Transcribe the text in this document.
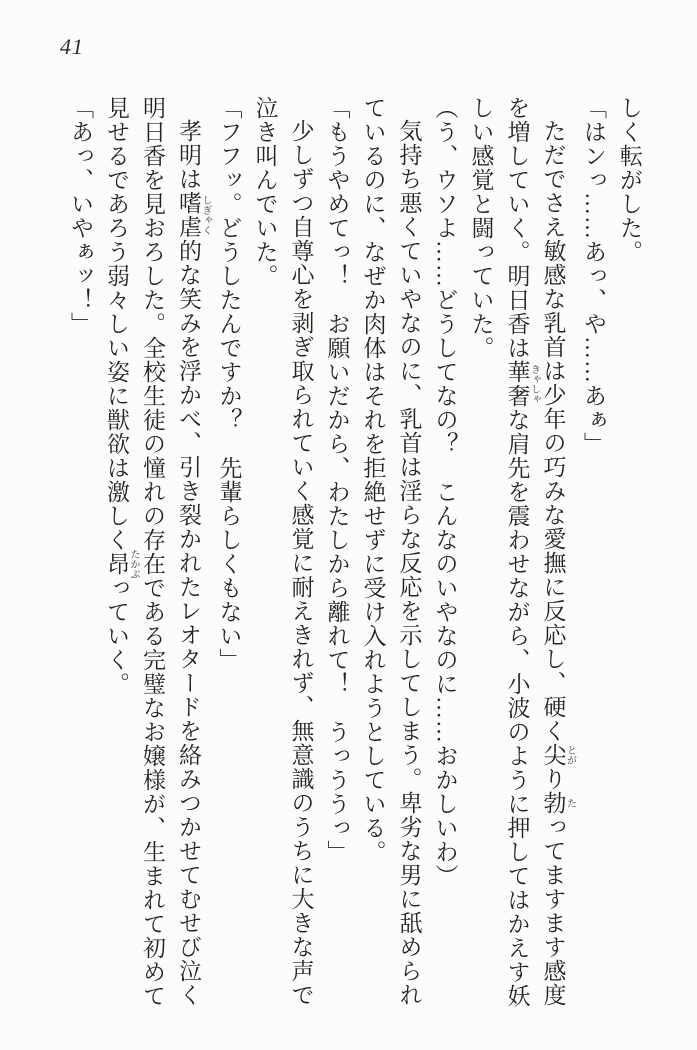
41

しく転がした。

「はンっ……あっ、や……あぁ」

ただでさえ敏感な乳首は少年の巧みな愛撫に反応し、硬く尖 とがり勃 たってますます感度を増していく。明日香は華奢 きゃしゃな肩先を震わせながら、小波のように押してはかえす妖しい感覚と闘っていた。

（う、ウソよ……どうしてなの？　こんなのいやなのに……おかしいわ）

気持ち悪くていやなのに、乳首は淫らな反応を示してしまう。卑劣な男に舐められているのに、なぜか肉体はそれを拒絶せずに受け入れようとしている。

「もうやめてっ！　お願いだから、わたしから離れて！　うっううっ」

少しずつ自尊心を剥ぎ取られていく感覚に耐えきれず、無意識のうちに大きな声で泣き叫んでいた。

「フフッ。どうしたんですか？　先輩らしくもない」

孝明は嗜虐 しぎゃく的な笑みを浮かべ、引き裂かれたレオタードを絡みつかせてむせび泣く明日香を見おろした。全校生徒の憧れの存在である完璧なお嬢様が、生まれて初めて見せるであろう弱々しい姿に獣欲は激しく昂 たかぶっていく。

「あっ、いやぁッ！」
